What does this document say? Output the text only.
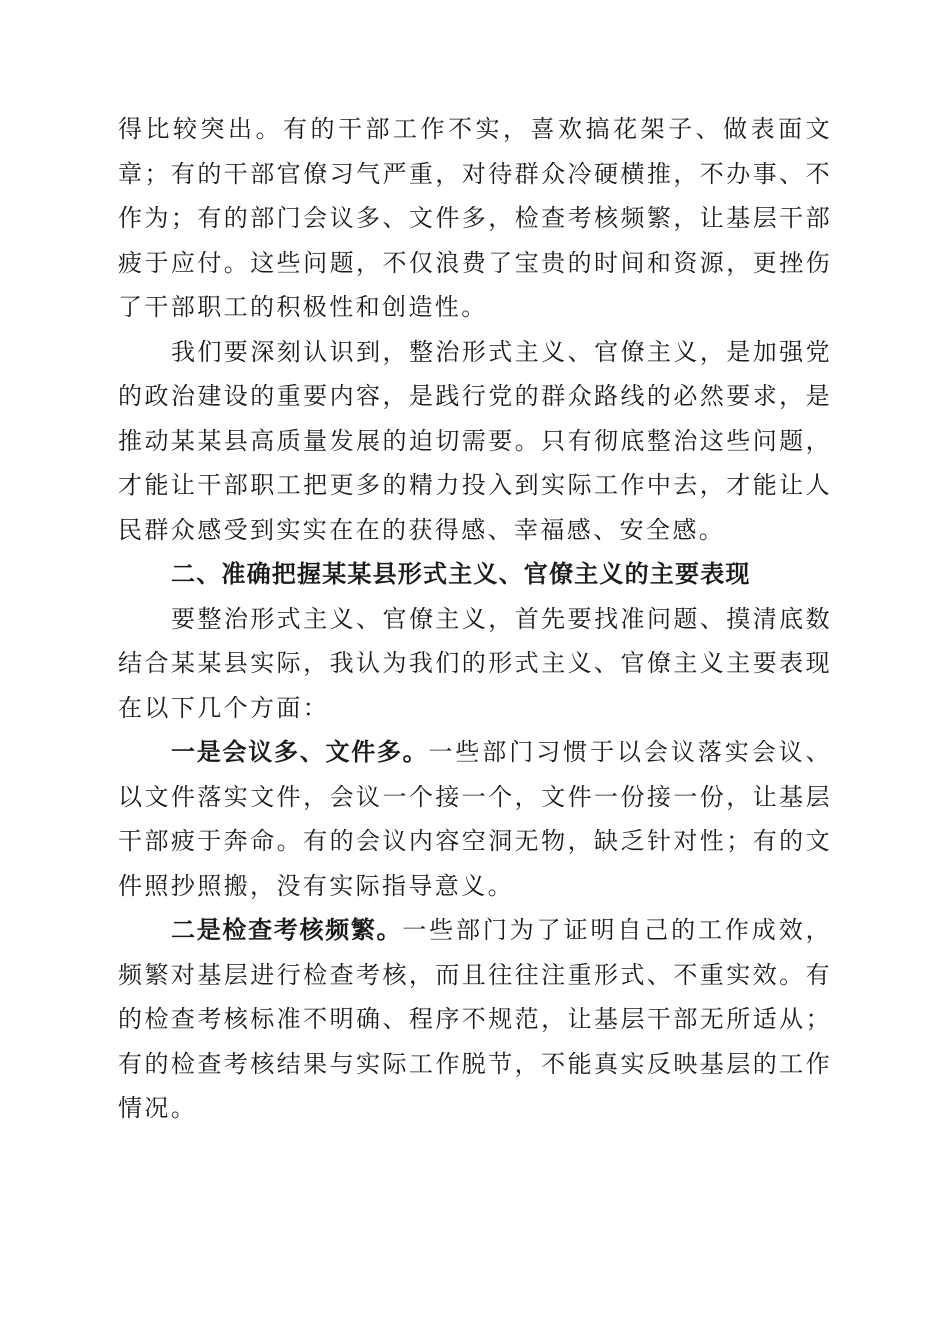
得比较突出。有的干部工作不实，喜欢搞花架子、做表面文章；有的干部官僚习气严重，对待群众冷硬横推，不办事、不作为；有的部门会议多、文件多，检查考核频繁，让基层干部疲于应付。这些问题，不仅浪费了宝贵的时间和资源，更挫伤了干部职工的积极性和创造性。

我们要深刻认识到，整治形式主义、官僚主义，是加强党的政治建设的重要内容，是践行党的群众路线的必然要求，是推动某某县高质量发展的迫切需要。只有彻底整治这些问题，才能让干部职工把更多的精力投入到实际工作中去，才能让人民群众感受到实实在在的获得感、幸福感、安全感。

二、准确把握某某县形式主义、官僚主义的主要表现

要整治形式主义、官僚主义，首先要找准问题、摸清底数结合某某县实际，我认为我们的形式主义、官僚主义主要表现在以下几个方面：

一是会议多、文件多。一些部门习惯于以会议落实会议、以文件落实文件，会议一个接一个，文件一份接一份，让基层干部疲于奔命。有的会议内容空洞无物，缺乏针对性；有的文件照抄照搬，没有实际指导意义。

二是检查考核频繁。一些部门为了证明自己的工作成效，频繁对基层进行检查考核，而且往往注重形式、不重实效。有的检查考核标准不明确、程序不规范，让基层干部无所适从；有的检查考核结果与实际工作脱节，不能真实反映基层的工作情况。
